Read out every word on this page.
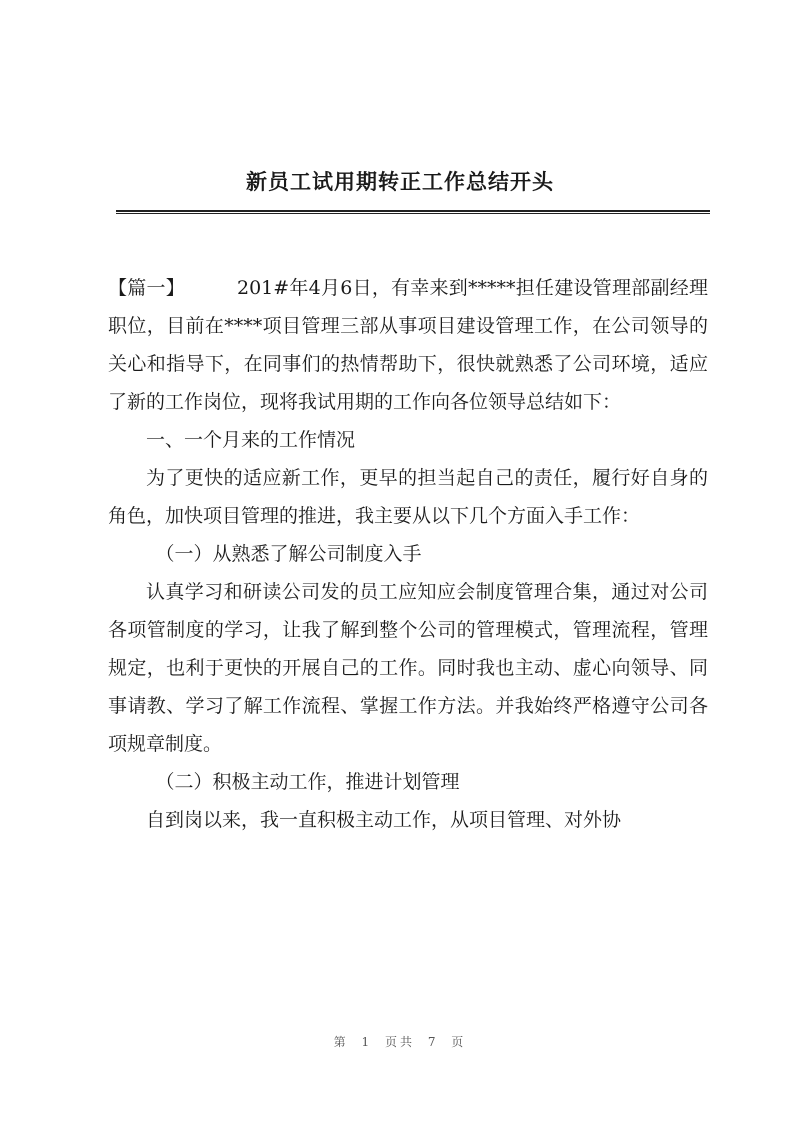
新员工试用期转正工作总结开头

【篇一】	201#年4月6日，有幸来到*****担任建设管理部副经理职位，目前在****项目管理三部从事项目建设管理工作，在公司领导的关心和指导下，在同事们的热情帮助下，很快就熟悉了公司环境，适应了新的工作岗位，现将我试用期的工作向各位领导总结如下：

一、一个月来的工作情况

为了更快的适应新工作，更早的担当起自己的责任，履行好自身的角色，加快项目管理的推进，我主要从以下几个方面入手工作：

（一）从熟悉了解公司制度入手

认真学习和研读公司发的员工应知应会制度管理合集，通过对公司各项管制度的学习，让我了解到整个公司的管理模式，管理流程，管理规定，也利于更快的开展自己的工作。同时我也主动、虚心向领导、同事请教、学习了解工作流程、掌握工作方法。并我始终严格遵守公司各项规章制度。

（二）积极主动工作，推进计划管理

自到岗以来，我一直积极主动工作，从项目管理、对外协

第 1 页共 7 页
